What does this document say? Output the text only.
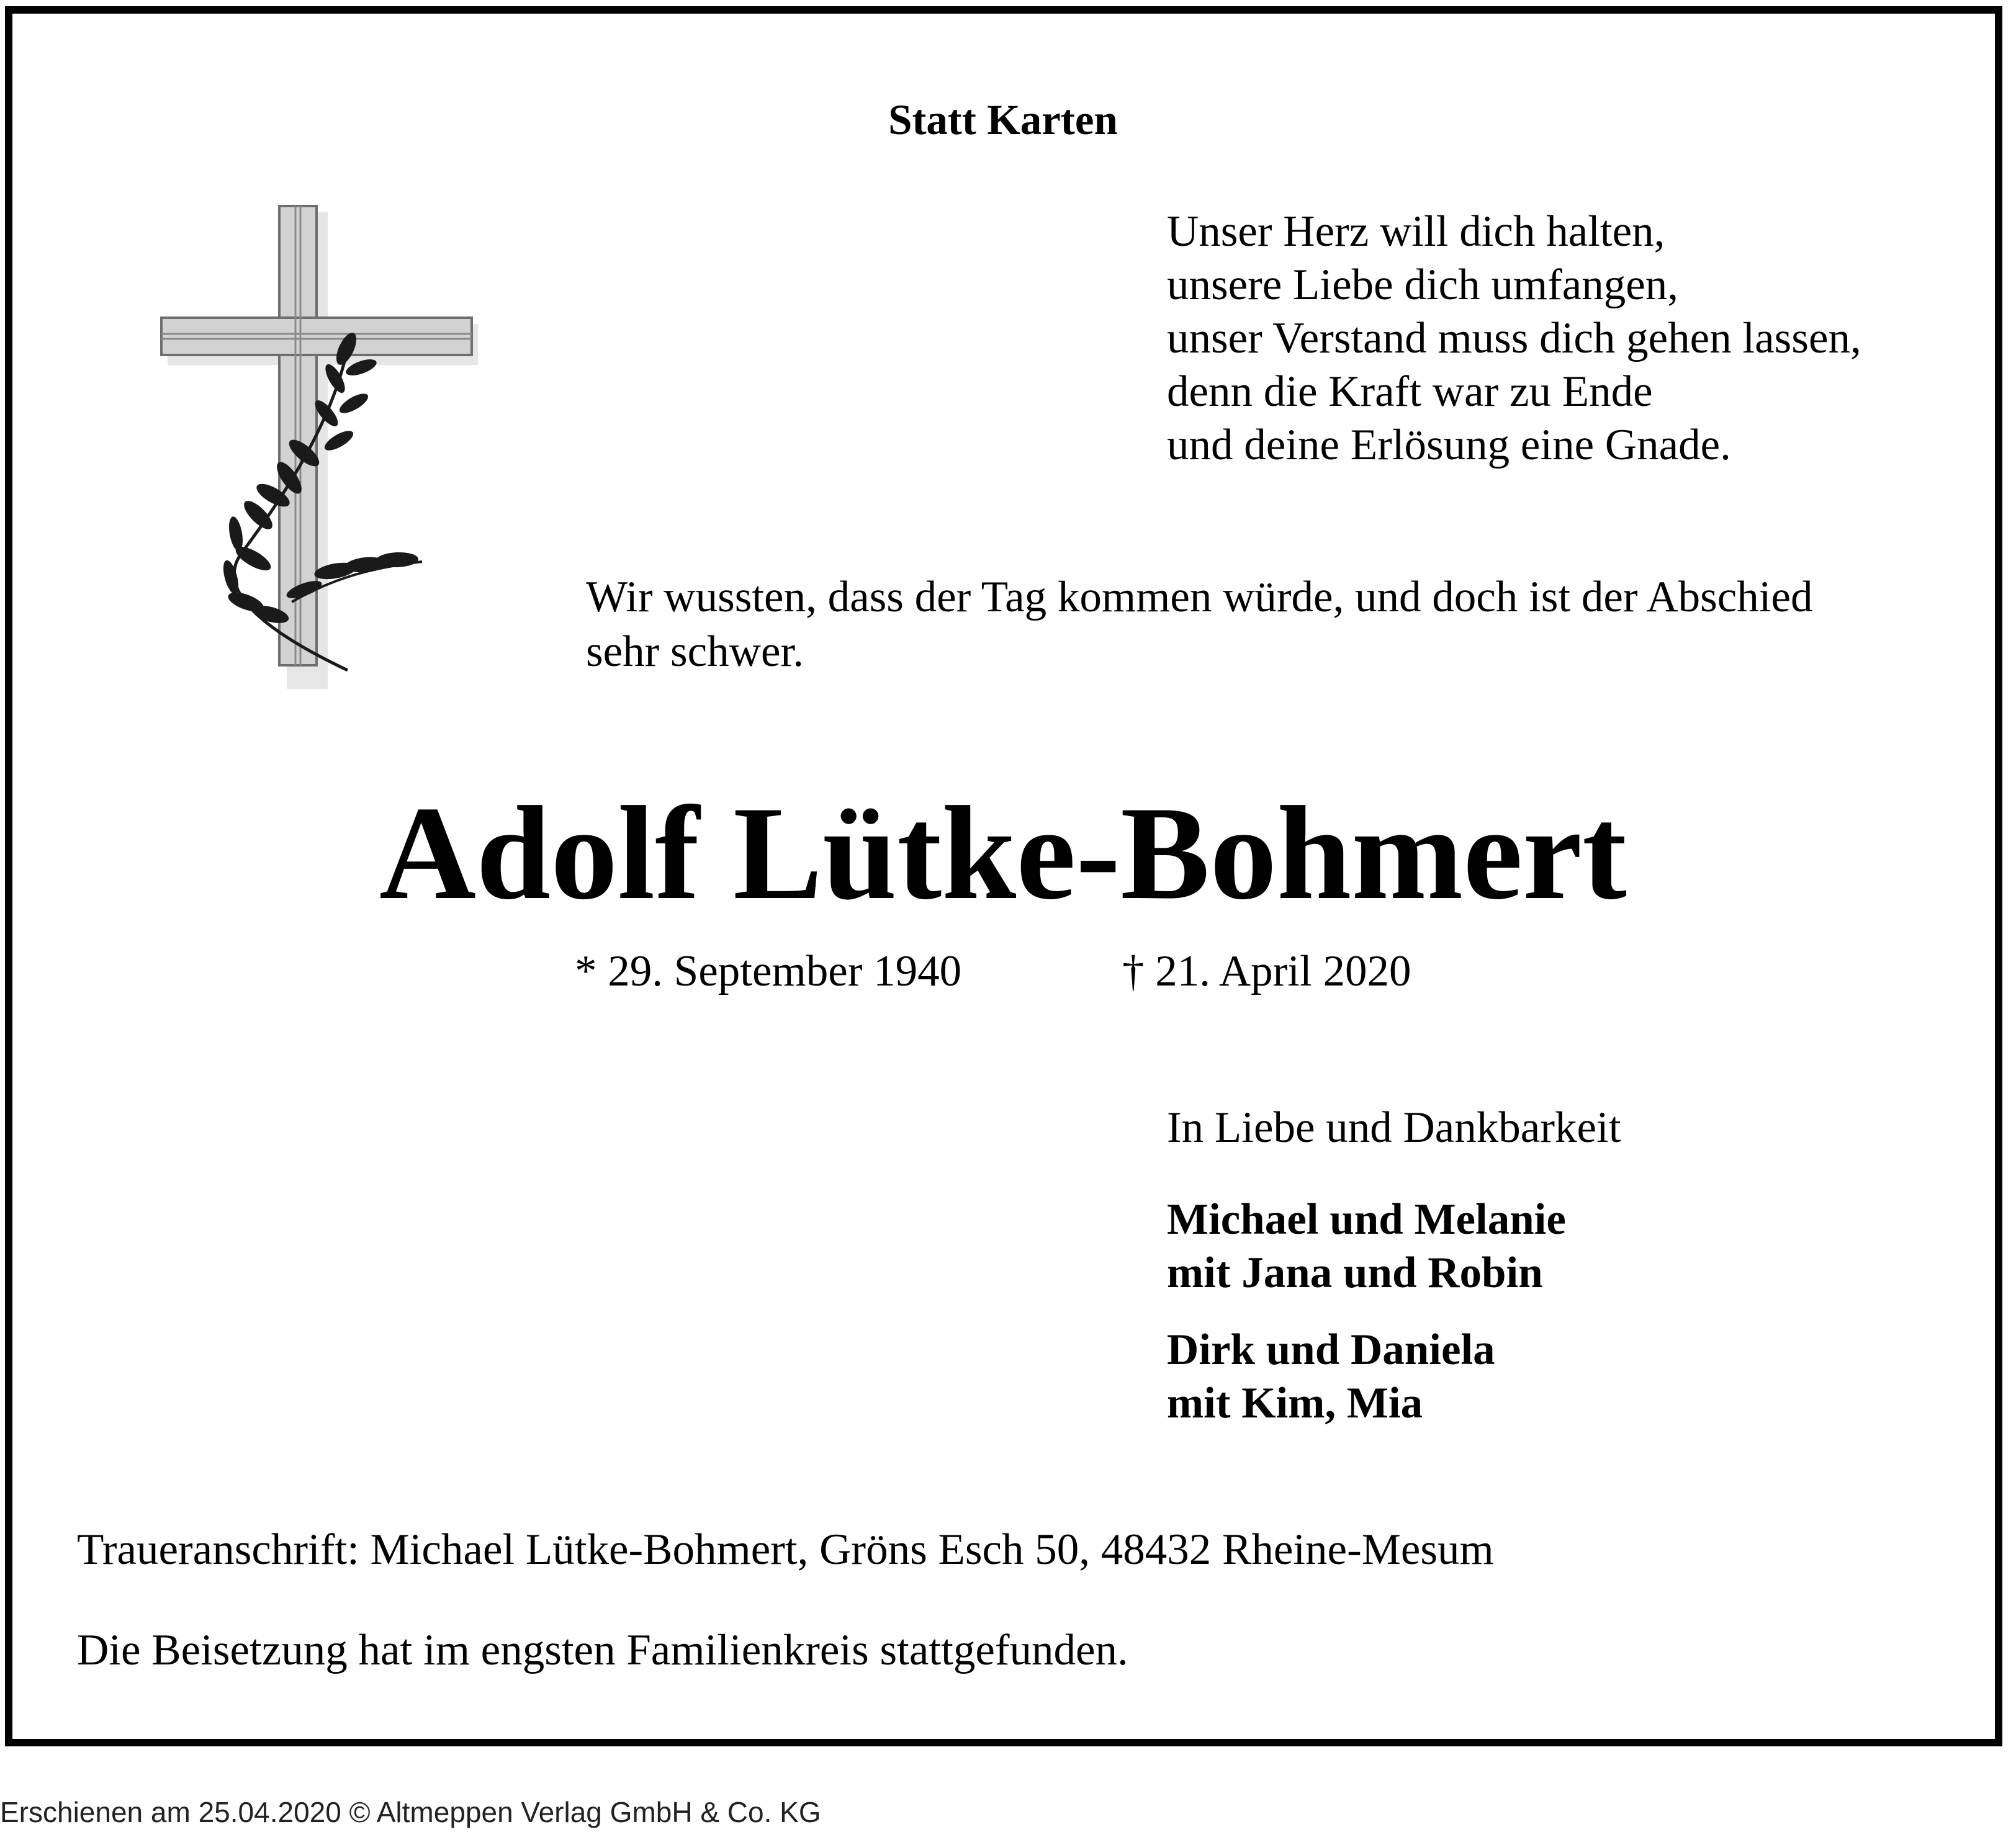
Statt Karten
Unser Herz will dich halten,
unsere Liebe dich umfangen,
unser Verstand muss dich gehen lassen,
denn die Kraft war zu Ende
und deine Erlösung eine Gnade.
Wir wussten, dass der Tag kommen würde, und doch ist der Abschied
sehr schwer.
Adolf Lütke-Bohmert
* 29. September 1940	† 21. April 2020
In Liebe und Dankbarkeit
Michael und Melanie
mit Jana und Robin
Dirk und Daniela
mit Kim, Mia
Traueranschrift: Michael Lütke-Bohmert, Gröns Esch 50, 48432 Rheine-Mesum
Die Beisetzung hat im engsten Familienkreis stattgefunden.
Erschienen am 25.04.2020 © Altmeppen Verlag GmbH & Co. KG
